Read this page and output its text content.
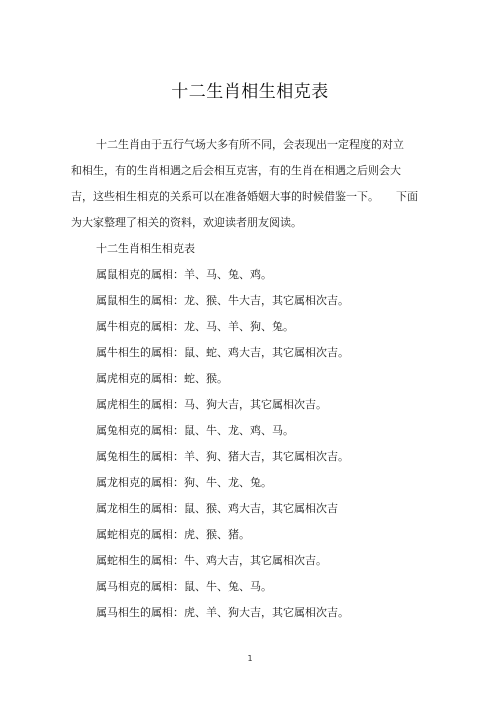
十二生肖相生相克表
十二生肖由于五行气场大多有所不同，会表现出一定程度的对立
和相生，有的生肖相遇之后会相互克害，有的生肖在相遇之后则会大
吉，这些相生相克的关系可以在准备婚姻大事的时候借鉴一下。 下面
为大家整理了相关的资料，欢迎读者朋友阅读。
十二生肖相生相克表
属鼠相克的属相：羊、马、兔、鸡。
属鼠相生的属相：龙、猴、牛大吉，其它属相次吉。
属牛相克的属相：龙、马、羊、狗、兔。
属牛相生的属相：鼠、蛇、鸡大吉，其它属相次吉。
属虎相克的属相：蛇、猴。
属虎相生的属相：马、狗大吉，其它属相次吉。
属兔相克的属相：鼠、牛、龙、鸡、马。
属兔相生的属相：羊、狗、猪大吉，其它属相次吉。
属龙相克的属相：狗、牛、龙、兔。
属龙相生的属相：鼠、猴、鸡大吉，其它属相次吉
属蛇相克的属相：虎、猴、猪。
属蛇相生的属相：牛、鸡大吉，其它属相次吉。
属马相克的属相：鼠、牛、兔、马。
属马相生的属相：虎、羊、狗大吉，其它属相次吉。
1
